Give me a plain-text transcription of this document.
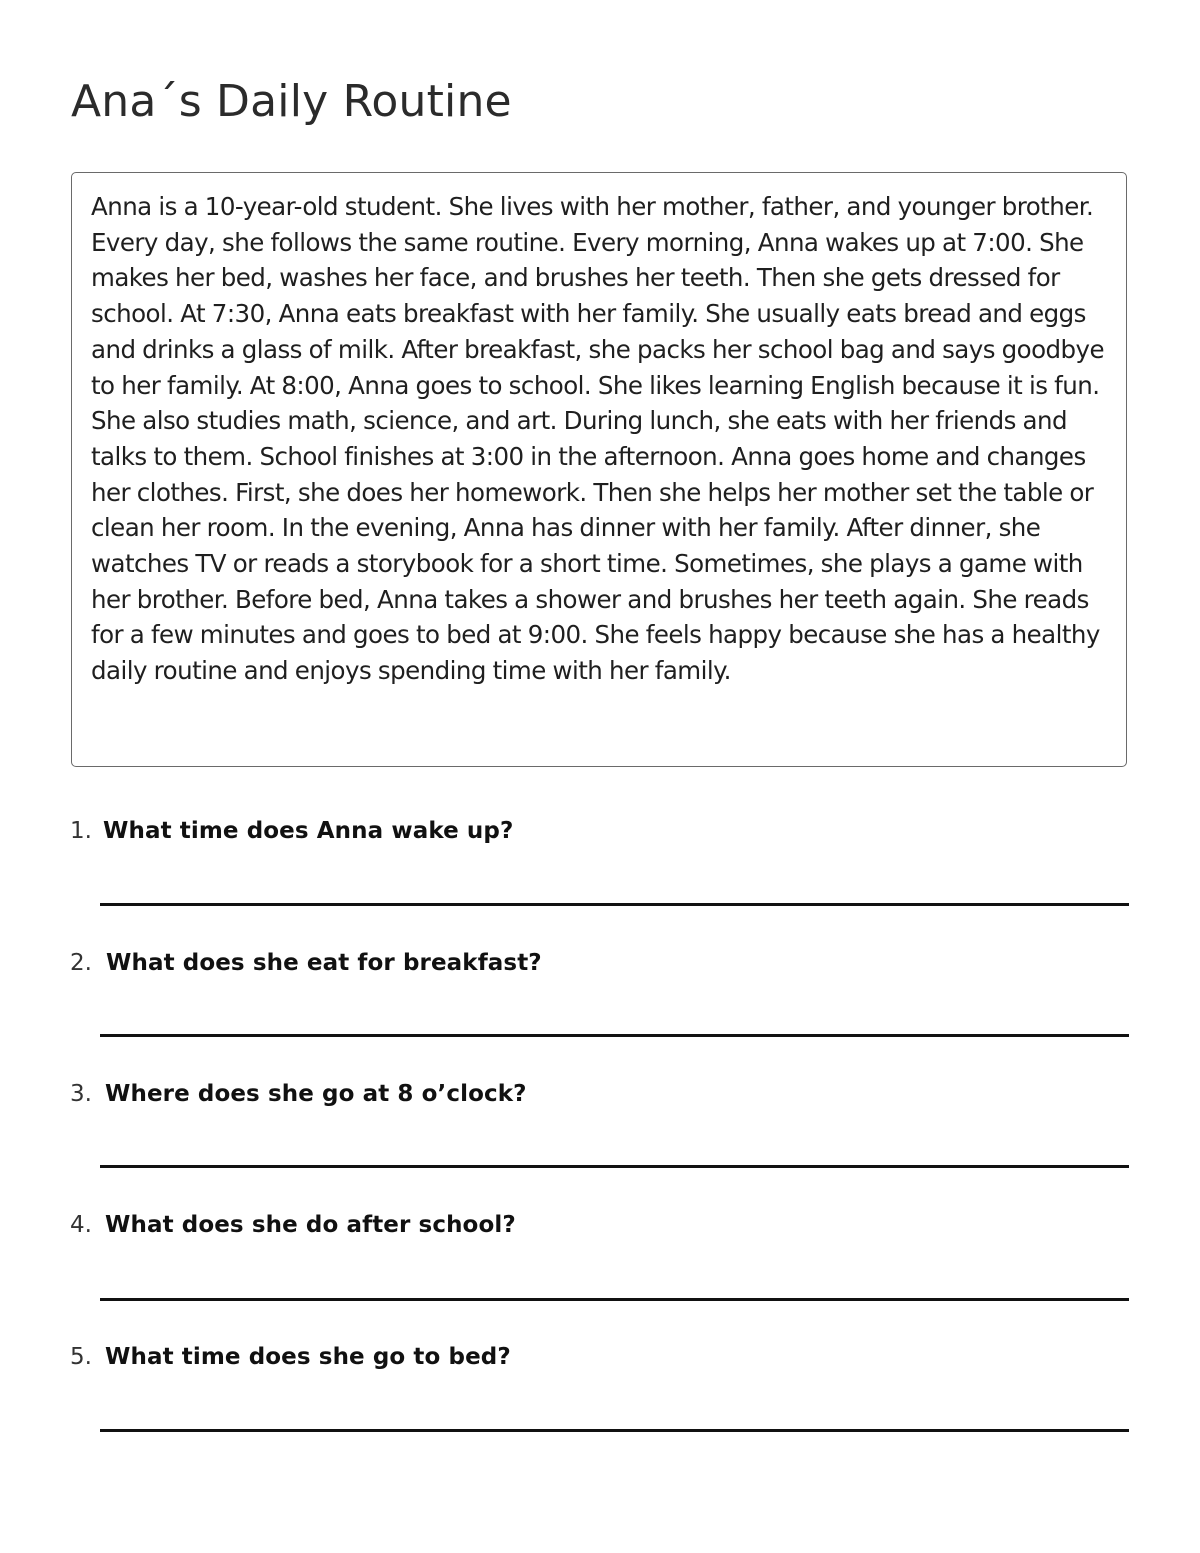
Ana´s Daily Routine

Anna is a 10-year-old student. She lives with her mother, father, and younger brother. Every day, she follows the same routine. Every morning, Anna wakes up at 7:00. She makes her bed, washes her face, and brushes her teeth. Then she gets dressed for school. At 7:30, Anna eats breakfast with her family. She usually eats bread and eggs and drinks a glass of milk. After breakfast, she packs her school bag and says goodbye to her family. At 8:00, Anna goes to school. She likes learning English because it is fun. She also studies math, science, and art. During lunch, she eats with her friends and talks to them. School finishes at 3:00 in the afternoon. Anna goes home and changes her clothes. First, she does her homework. Then she helps her mother set the table or clean her room. In the evening, Anna has dinner with her family. After dinner, she watches TV or reads a storybook for a short time. Sometimes, she plays a game with her brother. Before bed, Anna takes a shower and brushes her teeth again. She reads for a few minutes and goes to bed at 9:00. She feels happy because she has a healthy daily routine and enjoys spending time with her family.

1. What time does Anna wake up?
2. What does she eat for breakfast?
3. Where does she go at 8 o’clock?
4. What does she do after school?
5. What time does she go to bed?
